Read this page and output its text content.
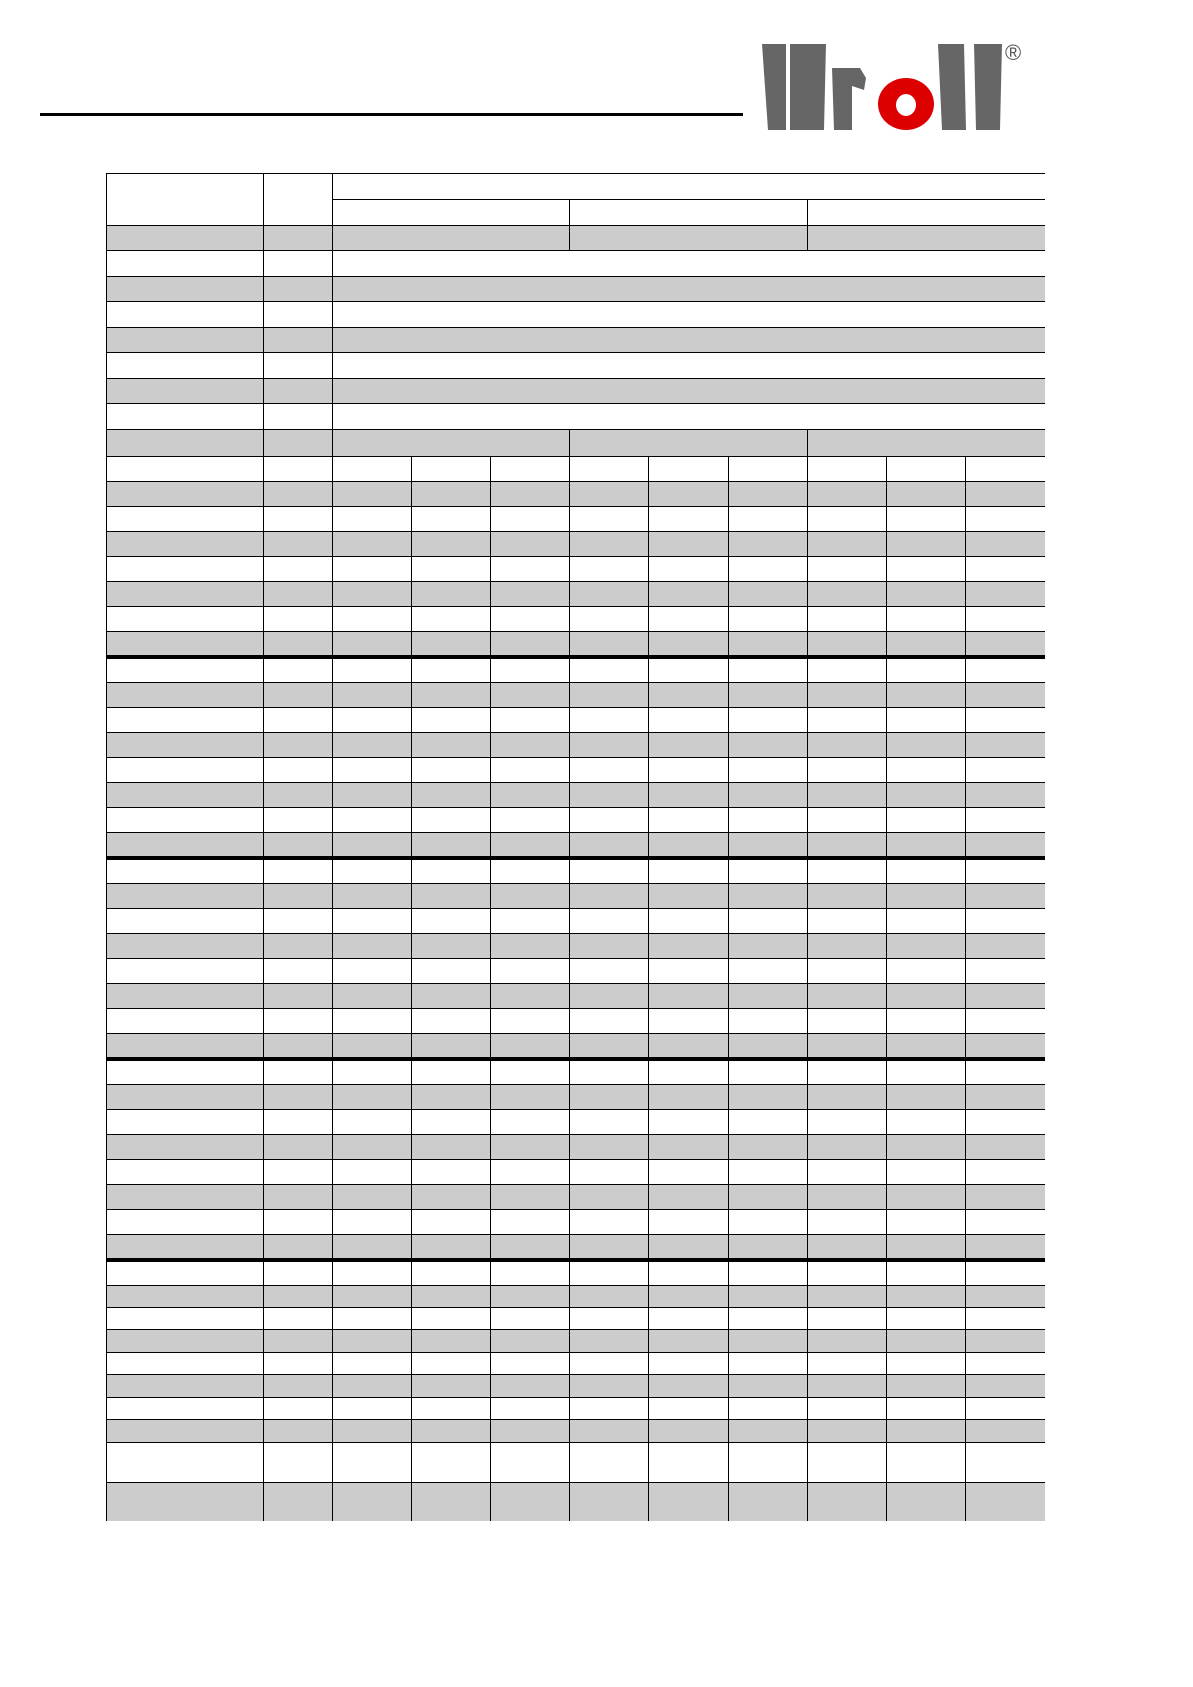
®
